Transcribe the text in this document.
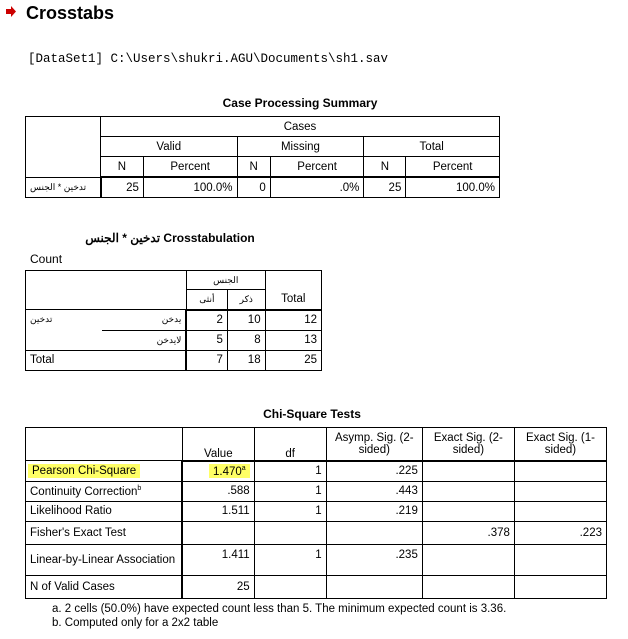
Crosstabs
[DataSet1] C:\Users\shukri.AGU\Documents\sh1.sav
Case Processing Summary
	Cases					
	Valid		Missing		Total	
	N	Percent	N	Percent	N	Percent
تدخين * الجنس	25	100.0%	0	.0%	25	100.0%
تدخين * الجنس Crosstabulation
Count
		الجنس		Total
		أنثى	ذكر	
تدخين	يدخن	2	10	12
	لايدخن	5	8	13
Total		7	18	25
Chi-Square Tests
	Value	df	Asymp. Sig. (2-sided)	Exact Sig. (2-sided)	Exact Sig. (1-sided)
Pearson Chi-Square	1.470$^a$	1	.225		
Continuity Correction$^b$	.588	1	.443		
Likelihood Ratio	1.511	1	.219		
Fisher's Exact Test				.378	.223
Linear-by-Linear Association	1.411	1	.235		
N of Valid Cases	25				
a. 2 cells (50.0%) have expected count less than 5. The minimum expected count is 3.36.
b. Computed only for a 2x2 table
